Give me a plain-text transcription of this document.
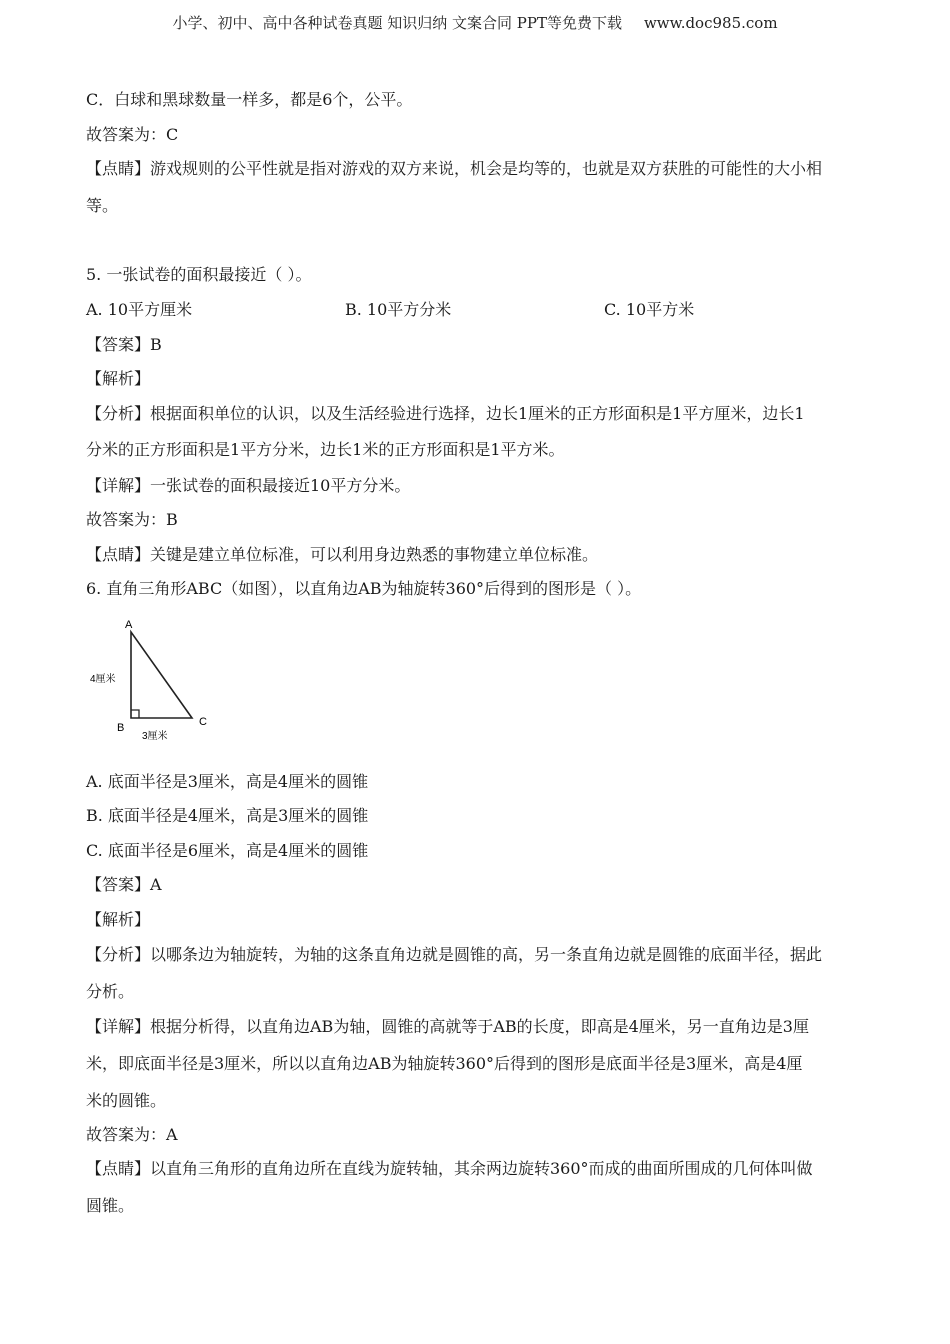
小学、初中、高中各种试卷真题 知识归纳 文案合同 PPT等免费下载 www.doc985.com
C．白球和黑球数量一样多，都是6个，公平。
故答案为：C
【点睛】游戏规则的公平性就是指对游戏的双方来说，机会是均等的，也就是双方获胜的可能性的大小相
等。
5. 一张试卷的面积最接近（ ）。
A. 10平方厘米	B. 10平方分米	C. 10平方米
【答案】B
【解析】
【分析】根据面积单位的认识，以及生活经验进行选择，边长1厘米的正方形面积是1平方厘米，边长1
分米的正方形面积是1平方分米，边长1米的正方形面积是1平方米。
【详解】一张试卷的面积最接近10平方分米。
故答案为：B
【点睛】关键是建立单位标准，可以利用身边熟悉的事物建立单位标准。
6. 直角三角形ABC（如图），以直角边AB为轴旋转360°后得到的图形是（ ）。
A
B	C
4厘米
3厘米
A. 底面半径是3厘米，高是4厘米的圆锥
B. 底面半径是4厘米，高是3厘米的圆锥
C. 底面半径是6厘米，高是4厘米的圆锥
【答案】A
【解析】
【分析】以哪条边为轴旋转，为轴的这条直角边就是圆锥的高，另一条直角边就是圆锥的底面半径，据此
分析。
【详解】根据分析得，以直角边AB为轴，圆锥的高就等于AB的长度，即高是4厘米，另一直角边是3厘
米，即底面半径是3厘米，所以以直角边AB为轴旋转360°后得到的图形是底面半径是3厘米，高是4厘
米的圆锥。
故答案为：A
【点睛】以直角三角形的直角边所在直线为旋转轴，其余两边旋转360°而成的曲面所围成的几何体叫做
圆锥。
